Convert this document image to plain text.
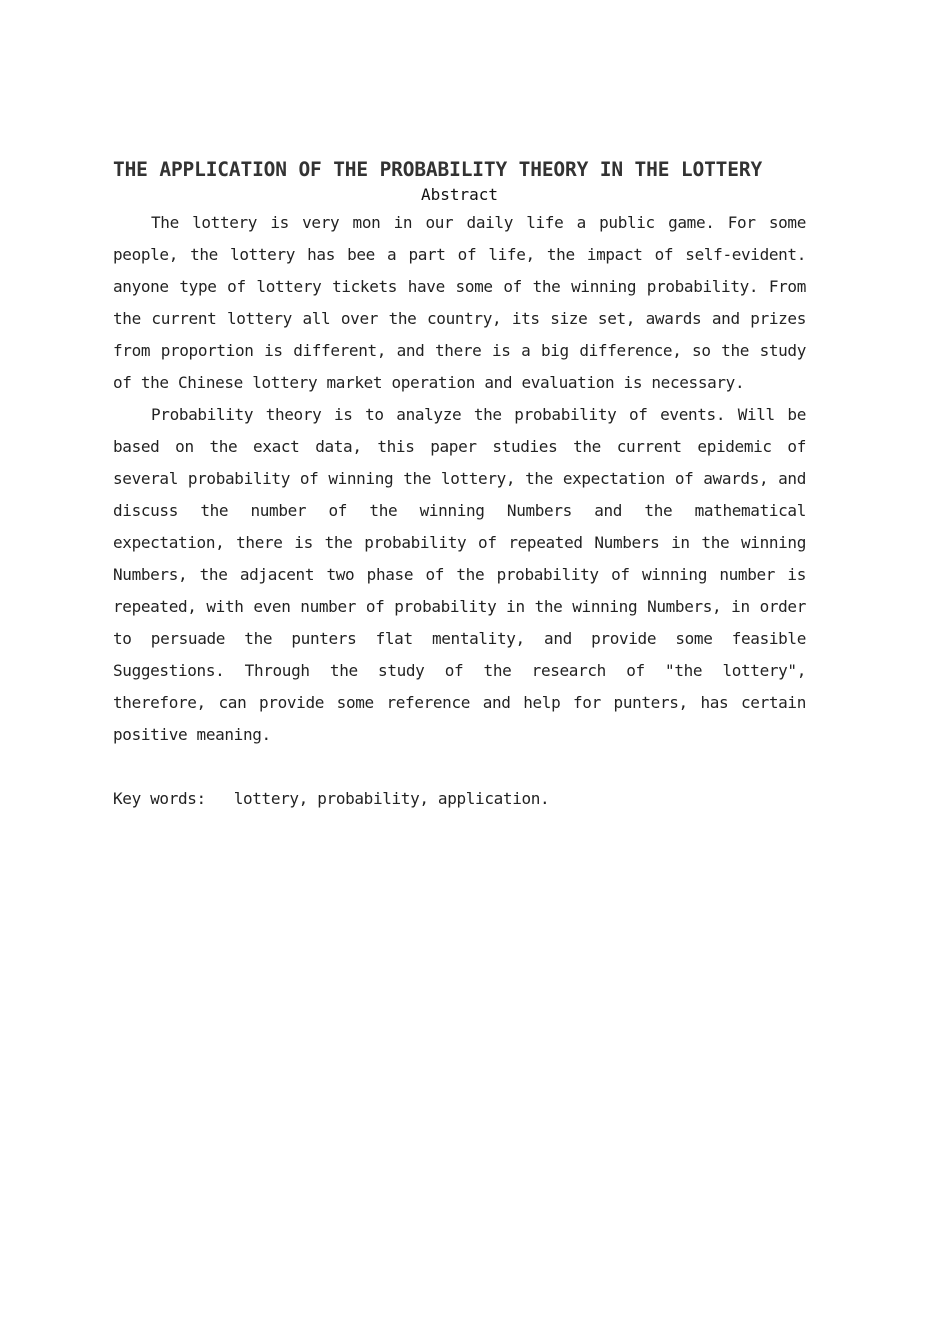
THE APPLICATION OF THE PROBABILITY THEORY IN THE LOTTERY
Abstract

The lottery is very mon in our daily life a public game. For some people, the lottery has bee a part of life, the impact of self-evident. anyone type of lottery tickets have some of the winning probability. From the current lottery all over the country, its size set, awards and prizes from proportion is different, and there is a big difference, so the study of the Chinese lottery market operation and evaluation is necessary.

Probability theory is to analyze the probability of events. Will be based on the exact data, this paper studies the current epidemic of several probability of winning the lottery, the expectation of awards, and discuss the number of the winning Numbers and the mathematical expectation, there is the probability of repeated Numbers in the winning Numbers, the adjacent two phase of the probability of winning number is repeated, with even number of probability in the winning Numbers, in order to persuade the punters flat mentality, and provide some feasible Suggestions. Through the study of the research of "the lottery", therefore, can provide some reference and help for punters, has certain positive meaning.

Key words: lottery, probability, application.
